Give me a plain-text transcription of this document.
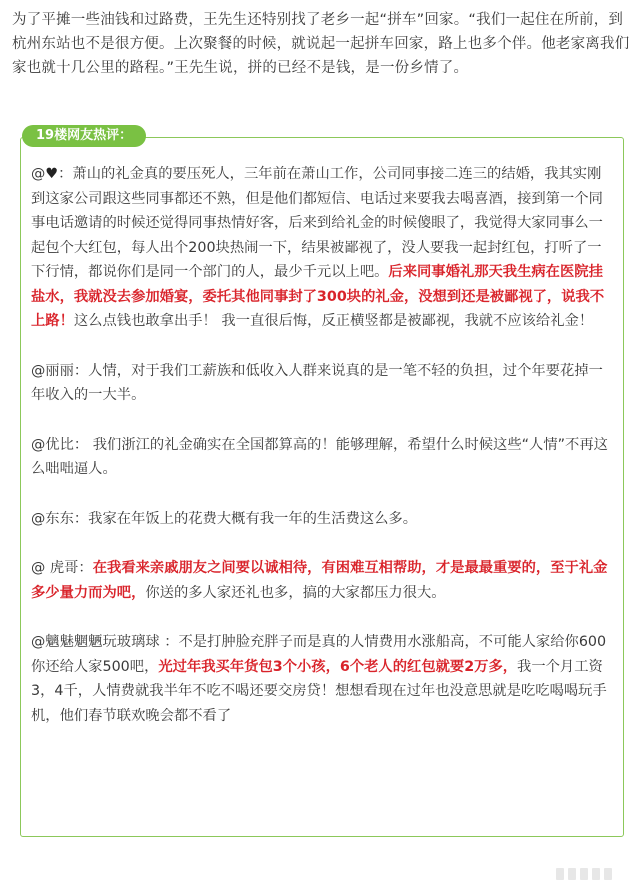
为了平摊一些油钱和过路费，王先生还特别找了老乡一起“拼车”回家。“我们一起住在所前，到杭州东站也不是很方便。上次聚餐的时候，就说起一起拼车回家，路上也多个伴。他老家离我们家也就十几公里的路程。”王先生说，拼的已经不是钱，是一份乡情了。
19楼网友热评：

@♥：萧山的礼金真的要压死人，三年前在萧山工作，公司同事接二连三的结婚，我其实刚到这家公司跟这些同事都还不熟，但是他们都短信、电话过来要我去喝喜酒，接到第一个同事电话邀请的时候还觉得同事热情好客，后来到给礼金的时候傻眼了，我觉得大家同事么一起包个大红包，每人出个200块热闹一下，结果被鄙视了，没人要我一起封红包，打听了一下行情，都说你们是同一个部门的人，最少千元以上吧。后来同事婚礼那天我生病在医院挂盐水，我就没去参加婚宴，委托其他同事封了300块的礼金，没想到还是被鄙视了，说我不上路！这么点钱也敢拿出手！ 我一直很后悔，反正横竖都是被鄙视，我就不应该给礼金！

@丽丽：人情，对于我们工薪族和低收入人群来说真的是一笔不轻的负担，过个年要花掉一年收入的一大半。

@优比： 我们浙江的礼金确实在全国都算高的！能够理解，希望什么时候这些“人情”不再这么咄咄逼人。

@东东：我家在年饭上的花费大概有我一年的生活费这么多。

@ 虎哥：在我看来亲戚朋友之间要以诚相待，有困难互相帮助，才是最最重要的，至于礼金多少量力而为吧，你送的多人家还礼也多，搞的大家都压力很大。

@魑魅魍魉玩玻璃球 ：不是打肿脸充胖子而是真的人情费用水涨船高，不可能人家给你600你还给人家500吧，光过年我买年货包3个小孩，6个老人的红包就要2万多，我一个月工资3，4千，人情费就我半年不吃不喝还要交房贷！想想看现在过年也没意思就是吃吃喝喝玩手机，他们春节联欢晚会都不看了
